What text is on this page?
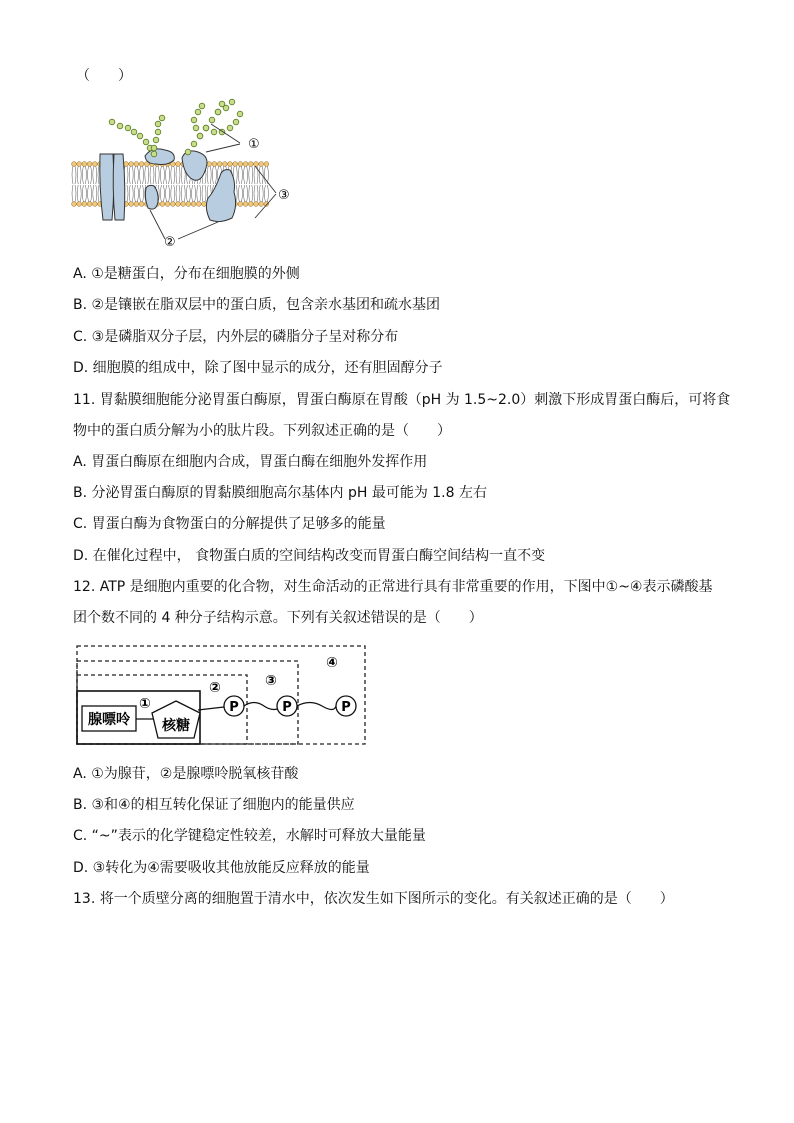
（　　）
①
③
②
A. ①是糖蛋白，分布在细胞膜的外侧
B. ②是镶嵌在脂双层中的蛋白质，包含亲水基团和疏水基团
C. ③是磷脂双分子层，内外层的磷脂分子呈对称分布
D. 细胞膜的组成中，除了图中显示的成分，还有胆固醇分子
11. 胃黏膜细胞能分泌胃蛋白酶原，胃蛋白酶原在胃酸（pH 为 1.5~2.0）刺激下形成胃蛋白酶后，可将食
物中的蛋白质分解为小的肽片段。下列叙述正确的是（　　）
A. 胃蛋白酶原在细胞内合成，胃蛋白酶在细胞外发挥作用
B. 分泌胃蛋白酶原的胃黏膜细胞高尔基体内 pH 最可能为 1.8 左右
C. 胃蛋白酶为食物蛋白的分解提供了足够多的能量
D. 在催化过程中， 食物蛋白质的空间结构改变而胃蛋白酶空间结构一直不变
12. ATP 是细胞内重要的化合物，对生命活动的正常进行具有非常重要的作用，下图中①~④表示磷酸基
团个数不同的 4 种分子结构示意。下列有关叙述错误的是（　　）
腺嘌呤 核糖
P	P	P
①
②	③
④
A. ①为腺苷，②是腺嘌呤脱氧核苷酸
B. ③和④的相互转化保证了细胞内的能量供应
C. “~”表示的化学键稳定性较差，水解时可释放大量能量
D. ③转化为④需要吸收其他放能反应释放的能量
13. 将一个质壁分离的细胞置于清水中，依次发生如下图所示的变化。有关叙述正确的是（　　）
